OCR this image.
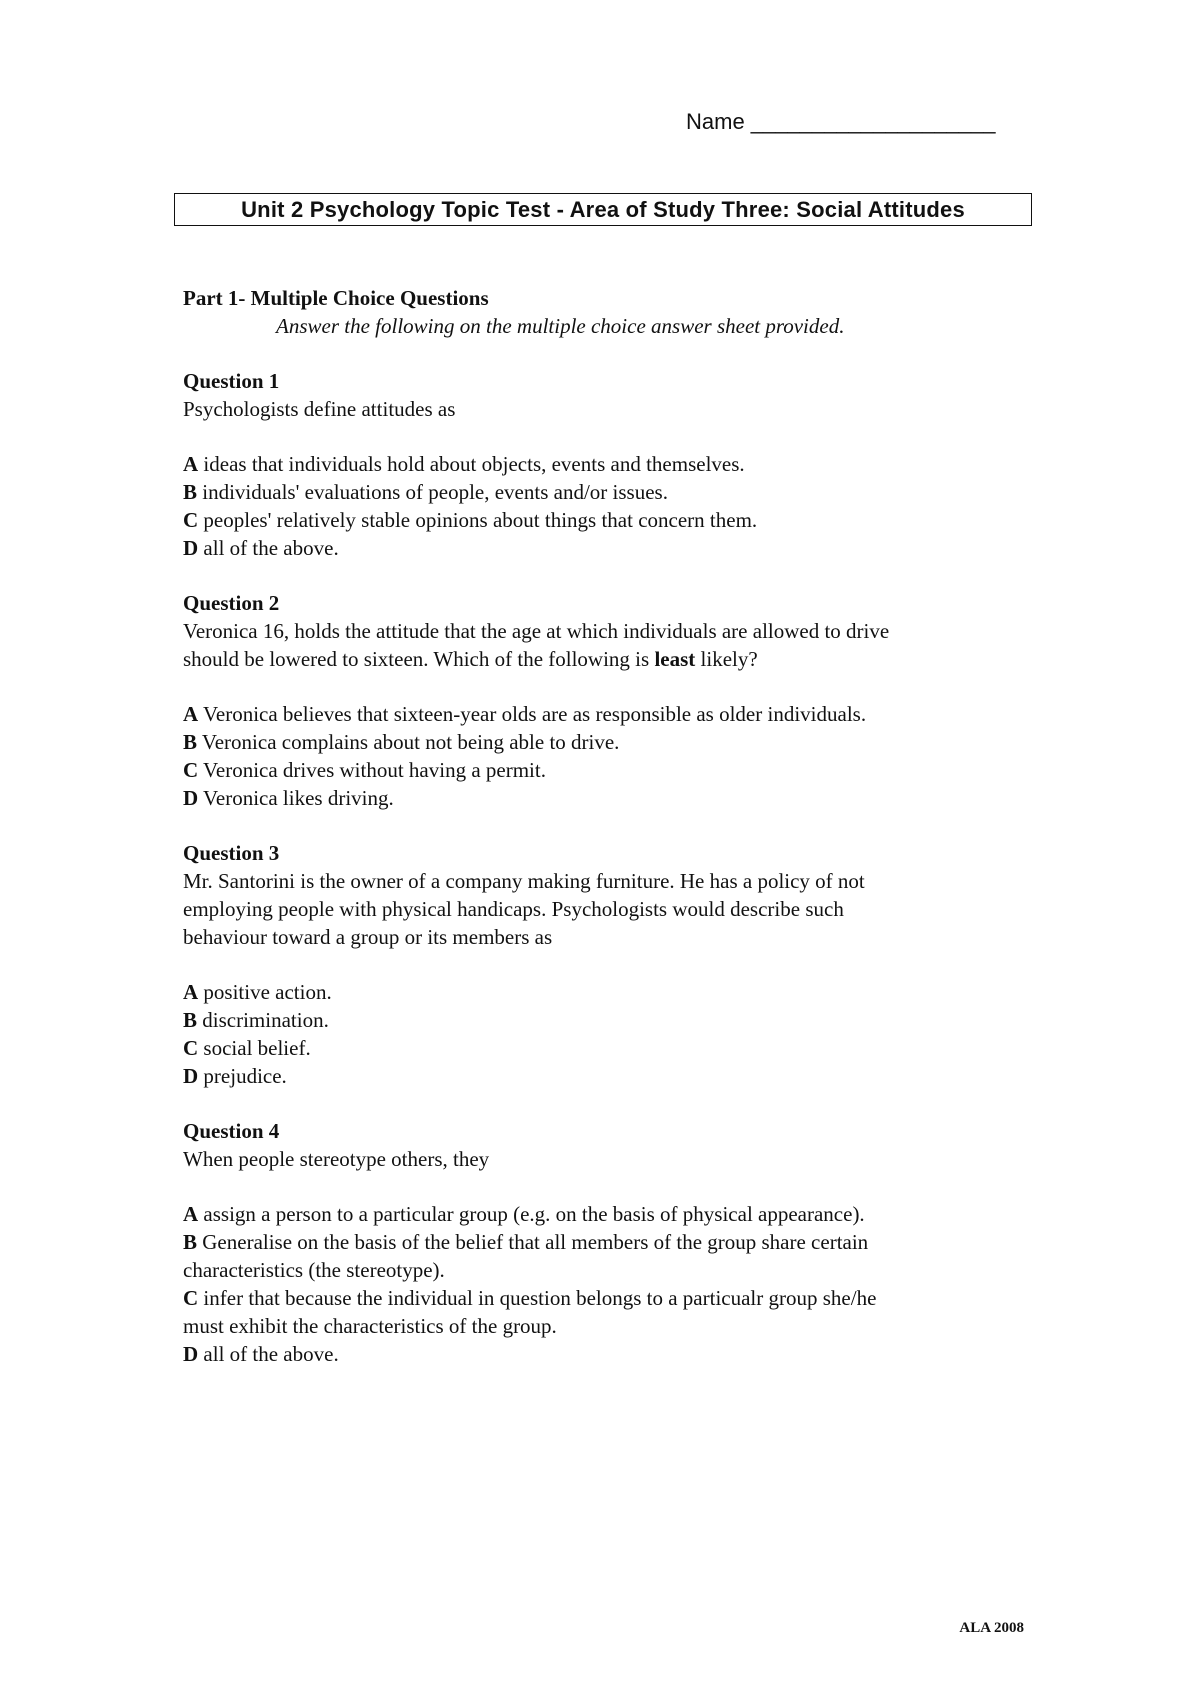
Name ____________________
Unit 2 Psychology Topic Test - Area of Study Three: Social Attitudes
Part 1- Multiple Choice Questions
Answer the following on the multiple choice answer sheet provided.
Question 1
Psychologists define attitudes as
A ideas that individuals hold about objects, events and themselves.
B individuals' evaluations of people, events and/or issues.
C peoples' relatively stable opinions about things that concern them.
D all of the above.
Question 2
Veronica 16, holds the attitude that the age at which individuals are allowed to drive
should be lowered to sixteen. Which of the following is least likely?
A Veronica believes that sixteen-year olds are as responsible as older individuals.
B Veronica complains about not being able to drive.
C Veronica drives without having a permit.
D Veronica likes driving.
Question 3
Mr. Santorini is the owner of a company making furniture. He has a policy of not
employing people with physical handicaps. Psychologists would describe such
behaviour toward a group or its members as
A positive action.
B discrimination.
C social belief.
D prejudice.
Question 4
When people stereotype others, they
A assign a person to a particular group (e.g. on the basis of physical appearance).
B Generalise on the basis of the belief that all members of the group share certain
characteristics (the stereotype).
C infer that because the individual in question belongs to a particualr group she/he
must exhibit the characteristics of the group.
D all of the above.
ALA 2008
